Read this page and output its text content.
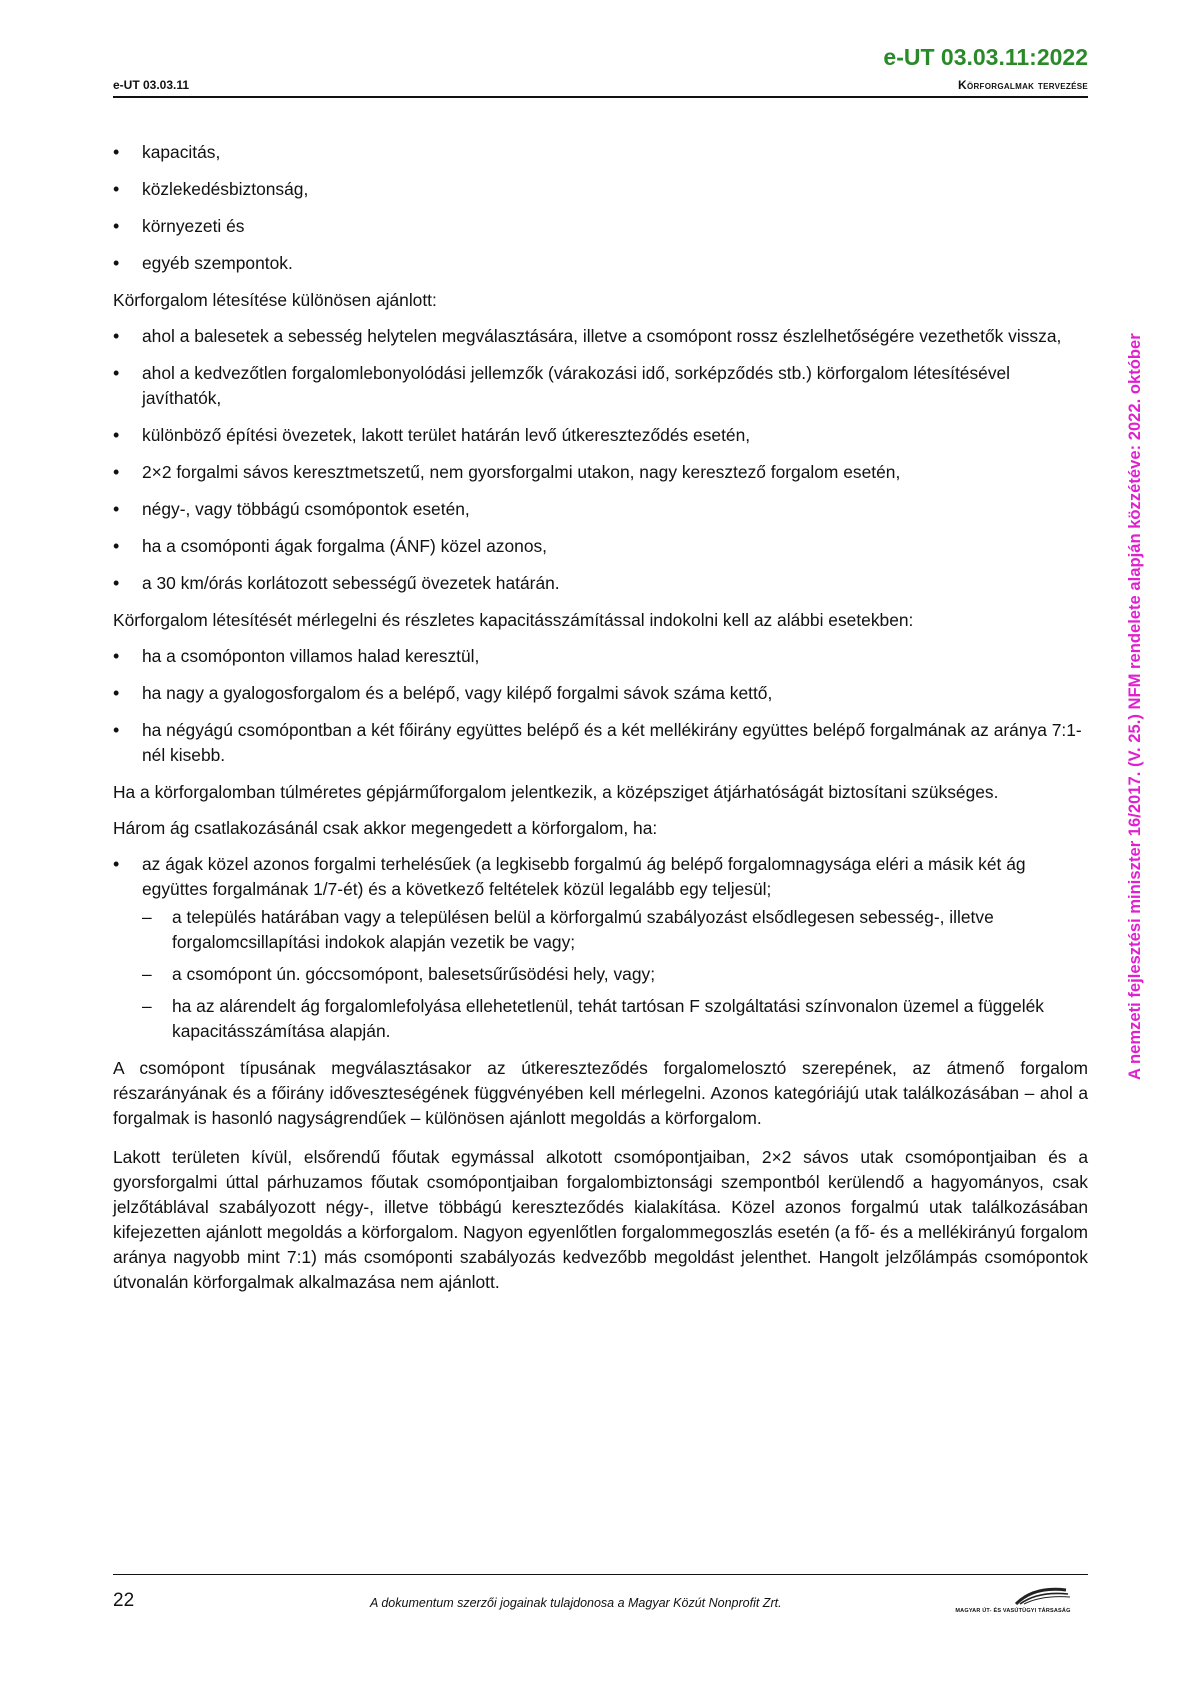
e-UT 03.03.11:2022
e-UT 03.03.11	Körforgalmak tervezése
A nemzeti fejlesztési miniszter 16/2017. (V. 25.) NFM rendelete alapján közzétéve: 2022. október
• kapacitás,
• közlekedésbiztonság,
• környezeti és
• egyéb szempontok.

Körforgalom létesítése különösen ajánlott:

• ahol a balesetek a sebesség helytelen megválasztására, illetve a csomópont rossz észlelhetőségére vezethetők vissza,
• ahol a kedvezőtlen forgalomlebonyolódási jellemzők (várakozási idő, sorképződés stb.) körforgalom létesítésével javíthatók,
• különböző építési övezetek, lakott terület határán levő útkereszteződés esetén,
• 2×2 forgalmi sávos keresztmetszetű, nem gyorsforgalmi utakon, nagy keresztező forgalom esetén,
• négy-, vagy többágú csomópontok esetén,
• ha a csomóponti ágak forgalma (ÁNF) közel azonos,
• a 30 km/órás korlátozott sebességű övezetek határán.

Körforgalom létesítését mérlegelni és részletes kapacitásszámítással indokolni kell az alábbi esetekben:

• ha a csomóponton villamos halad keresztül,
• ha nagy a gyalogosforgalom és a belépő, vagy kilépő forgalmi sávok száma kettő,
• ha négyágú csomópontban a két főirány együttes belépő és a két mellékirány együttes belépő forgalmának az aránya 7:1-nél kisebb.

Ha a körforgalomban túlméretes gépjárműforgalom jelentkezik, a középsziget átjárhatóságát biztosítani szükséges.

Három ág csatlakozásánál csak akkor megengedett a körforgalom, ha:

• az ágak közel azonos forgalmi terhelésűek (a legkisebb forgalmú ág belépő forgalomnagysága eléri a másik két ág együttes forgalmának 1/7-ét) és a következő feltételek közül legalább egy teljesül;
– a település határában vagy a településen belül a körforgalmú szabályozást elsődlegesen sebesség-, illetve forgalomcsillapítási indokok alapján vezetik be vagy;
– a csomópont ún. góccsomópont, balesetsűrűsödési hely, vagy;
– ha az alárendelt ág forgalomlefolyása ellehetetlenül, tehát tartósan F szolgáltatási színvonalon üzemel a függelék kapacitásszámítása alapján.

A csomópont típusának megválasztásakor az útkereszteződés forgalomelosztó szerepének, az átmenő forgalom részarányának és a főirány időveszteségének függvényében kell mérlegelni. Azonos kategóriájú utak találkozásában – ahol a forgalmak is hasonló nagyságrendűek – különösen ajánlott megoldás a körforgalom.

Lakott területen kívül, elsőrendű főutak egymással alkotott csomópontjaiban, 2×2 sávos utak csomópontjaiban és a gyorsforgalmi úttal párhuzamos főutak csomópontjaiban forgalombiztonsági szempontból kerülendő a hagyományos, csak jelzőtáblával szabályozott négy-, illetve többágú kereszteződés kialakítása. Közel azonos forgalmú utak találkozásában kifejezetten ajánlott megoldás a körforgalom. Nagyon egyenlőtlen forgalommegoszlás esetén (a fő- és a mellékirányú forgalom aránya nagyobb mint 7:1) más csomóponti szabályozás kedvezőbb megoldást jelenthet. Hangolt jelzőlámpás csomópontok útvonalán körforgalmak alkalmazása nem ajánlott.

22	A dokumentum szerzői jogainak tulajdonosa a Magyar Közút Nonprofit Zrt.
MAGYAR ÚT- ÉS VASÚTÜGYI TÁRSASÁG
